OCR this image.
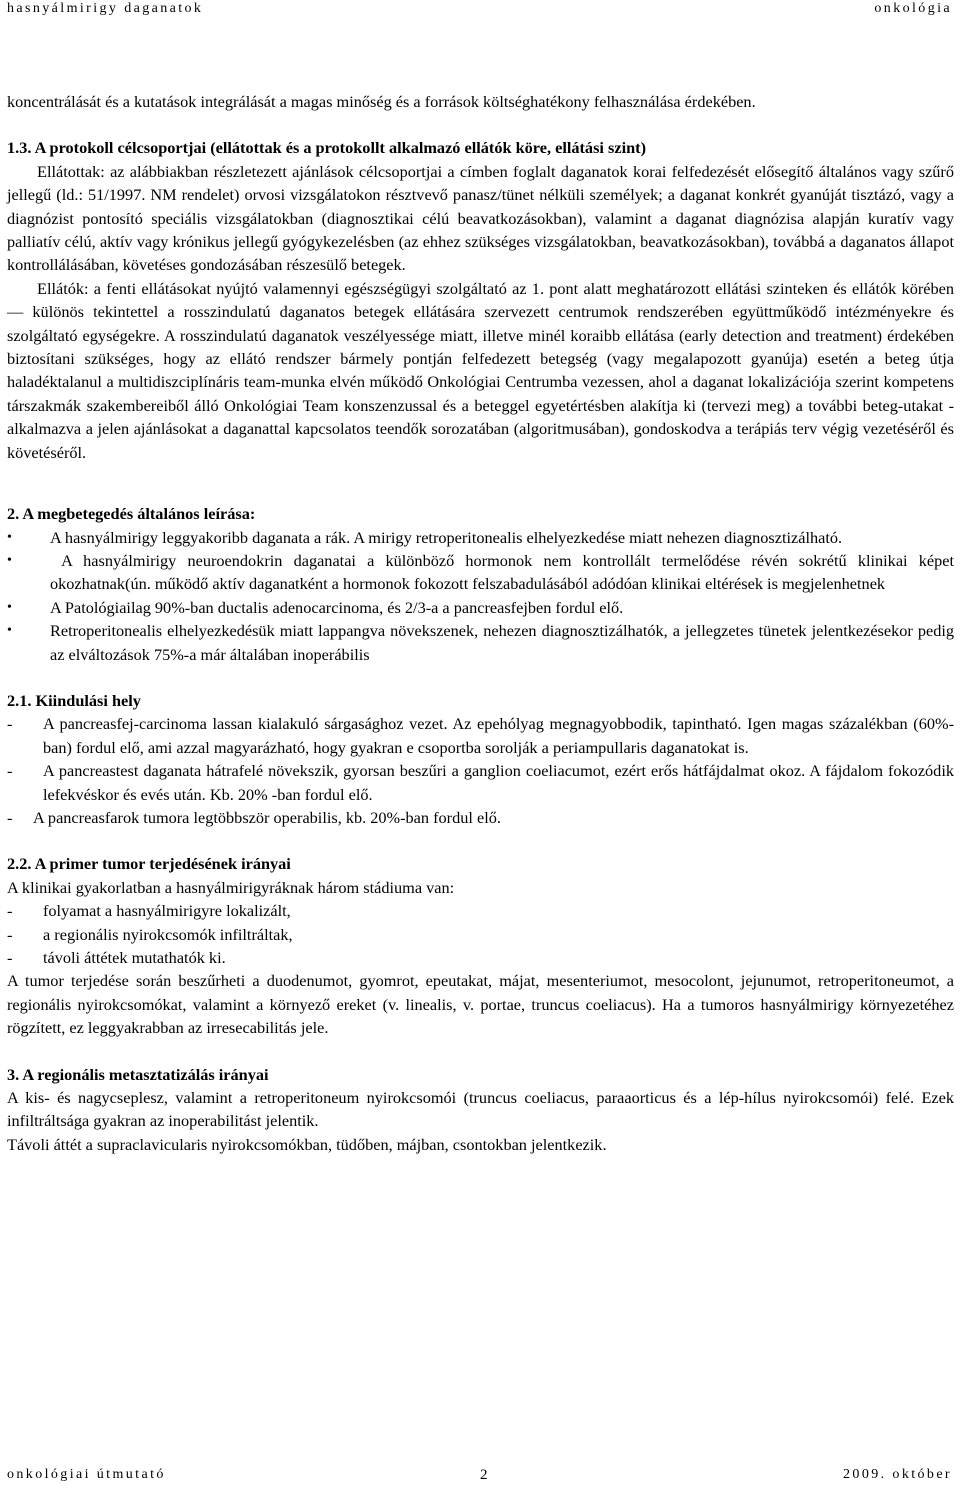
hasnyálmirigy daganatok	onkológia

koncentrálását és a kutatások integrálását a magas minőség és a források költséghatékony felhasználása érdekében.

1.3. A protokoll célcsoportjai (ellátottak és a protokollt alkalmazó ellátók köre, ellátási szint)

Ellátottak: az alábbiakban részletezett ajánlások célcsoportjai a címben foglalt daganatok korai felfedezését elősegítő általános vagy szűrő jellegű (ld.: 51/1997. NM rendelet) orvosi vizsgálatokon résztvevő panasz/tünet nélküli személyek; a daganat konkrét gyanúját tisztázó, vagy a diagnózist pontosító speciális vizsgálatokban (diagnosztikai célú beavatkozásokban), valamint a daganat diagnózisa alapján kuratív vagy palliatív célú, aktív vagy krónikus jellegű gyógykezelésben (az ehhez szükséges vizsgálatokban, beavatkozásokban), továbbá a daganatos állapot kontrollálásában, követéses gondozásában részesülő betegek.

Ellátók: a fenti ellátásokat nyújtó valamennyi egészségügyi szolgáltató az 1. pont alatt meghatározott ellátási szinteken és ellátók körében — különös tekintettel a rosszindulatú daganatos betegek ellátására szervezett centrumok rendszerében együttműködő intézményekre és szolgáltató egységekre. A rosszindulatú daganatok veszélyessége miatt, illetve minél koraibb ellátása (early detection and treatment) érdekében biztosítani szükséges, hogy az ellátó rendszer bármely pontján felfedezett betegség (vagy megalapozott gyanúja) esetén a beteg útja haladéktalanul a multidiszciplínáris team-munka elvén működő Onkológiai Centrumba vezessen, ahol a daganat lokalizációja szerint kompetens társzakmák szakembereiből álló Onkológiai Team konszenzussal és a beteggel egyetértésben alakítja ki (tervezi meg) a további beteg-utakat - alkalmazva a jelen ajánlásokat a daganattal kapcsolatos teendők sorozatában (algoritmusában), gondoskodva a terápiás terv végig vezetéséről és követéséről.

2. A megbetegedés általános leírása:

•	A hasnyálmirigy leggyakoribb daganata a rák. A mirigy retroperitonealis elhelyezkedése miatt nehezen diagnosztizálható.
•	A hasnyálmirigy neuroendokrin daganatai a különböző hormonok nem kontrollált termelődése révén sokrétű klinikai képet okozhatnak(ún. működő aktív daganatként a hormonok fokozott felszabadulásából adódóan klinikai eltérések is megjelenhetnek
•	A Patológiailag 90%-ban ductalis adenocarcinoma, és 2/3-a a pancreasfejben fordul elő.
•	Retroperitonealis elhelyezkedésük miatt lappangva növekszenek, nehezen diagnosztizálhatók, a jellegzetes tünetek jelentkezésekor pedig az elváltozások 75%-a már általában inoperábilis

2.1. Kiindulási hely

-	A pancreasfej-carcinoma lassan kialakuló sárgasághoz vezet. Az epehólyag megnagyobbodik, tapintható. Igen magas százalékban (60%-ban) fordul elő, ami azzal magyarázható, hogy gyakran e csoportba sorolják a periampullaris daganatokat is.
-	A pancreastest daganata hátrafelé növekszik, gyorsan beszűri a ganglion coeliacumot, ezért erős hátfájdalmat okoz. A fájdalom fokozódik lefekvéskor és evés után. Kb. 20% -ban fordul elő.
-	A pancreasfarok tumora legtöbbször operabilis, kb. 20%-ban fordul elő.

2.2. A primer tumor terjedésének irányai

A klinikai gyakorlatban a hasnyálmirigyráknak három stádiuma van:

-	folyamat a hasnyálmirigyre lokalizált,
-	a regionális nyirokcsomók infiltráltak,
-	távoli áttétek mutathatók ki.

A tumor terjedése során beszűrheti a duodenumot, gyomrot, epeutakat, májat, mesenteriumot, mesocolont, jejunumot, retroperitoneumot, a regionális nyirokcsomókat, valamint a környező ereket (v. linealis, v. portae, truncus coeliacus). Ha a tumoros hasnyálmirigy környezetéhez rögzített, ez leggyakrabban az irresecabilitás jele.

3. A regionális metasztatizálás irányai

A kis- és nagycseplesz, valamint a retroperitoneum nyirokcsomói (truncus coeliacus, paraaorticus és a lép-hílus nyirokcsomói) felé. Ezek infiltráltsága gyakran az inoperabilitást jelentik.

Távoli áttét a supraclavicularis nyirokcsomókban, tüdőben, májban, csontokban jelentkezik.

onkológiai útmutató	2	2009. október
